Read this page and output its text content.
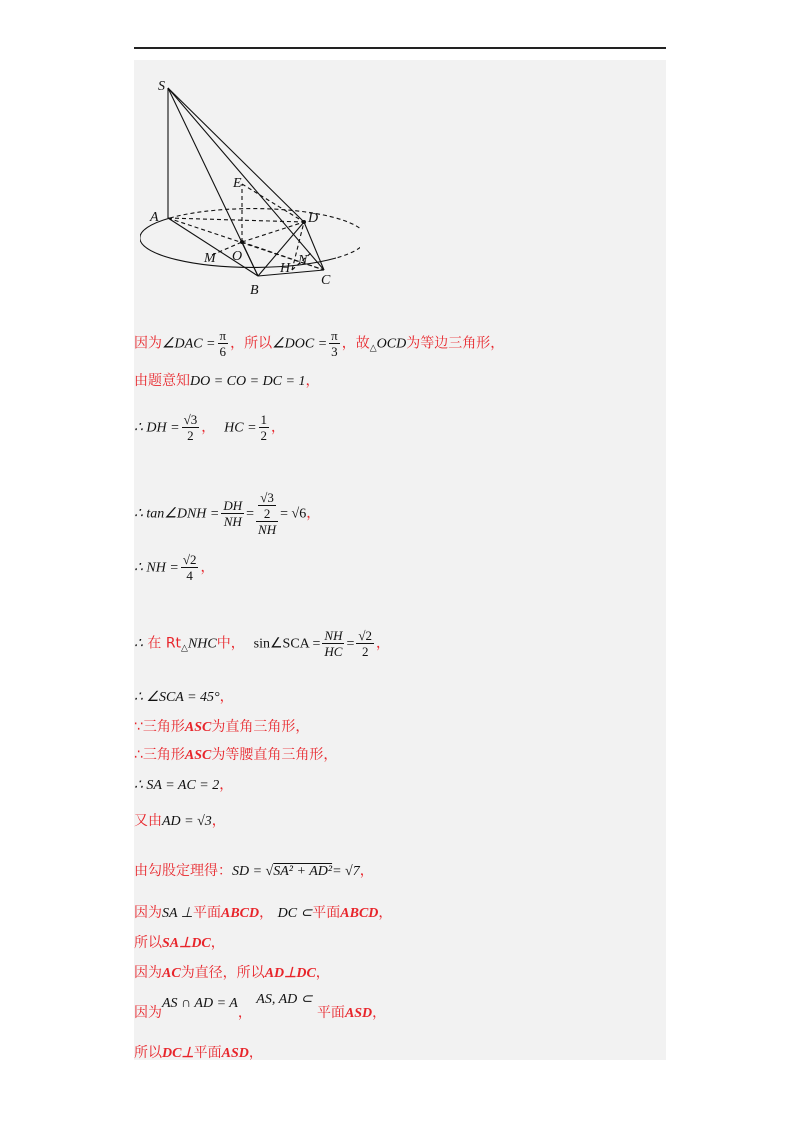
S
A
E
D
O
M
H
N
C
B
因为∠DAC = $\frac{\pi}{6}$ ，所以∠DOC = $\frac{\pi}{3}$ ，故$_\triangle$OCD为等边三角形，
由题意知DO = CO = DC = 1，
∴ DH = $\frac{√3}{2}$ ， HC = $\frac{1}{2}$ ，
∴ tan∠DNH = $\frac{DH}{NH} = \frac{\frac{√3}{2}}{NH} = √6$，
∴ NH = $\frac{√2}{4}$ ，
∴ 在 $Rt_\triangle NHC$中， sin∠SCA = $\frac{NH}{HC} = \frac{√2}{2}$ ，
∴ ∠SCA = 45°，
∵三角形ASC为直角三角形，
∴三角形ASC为等腰直角三角形，
∴ SA = AC = 2，
又由AD = √3，
由勾股定理得：SD = √SA² + AD²= √7，
因为SA ⊥平面ABCD， DC ⊂平面ABCD，
所以SA⊥DC，
因为AC为直径，所以AD⊥DC，
因为AS ∩ AD = A， AS, AD ⊂ 平面ASD，
所以DC⊥平面ASD，
